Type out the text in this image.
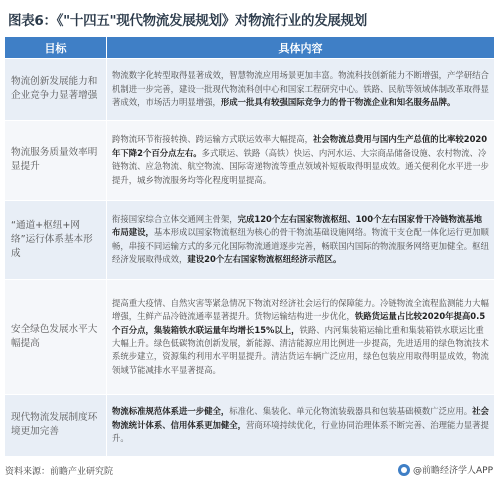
图表6：《"十四五"现代物流发展规划》对物流行业的发展规划
目标	具体内容
物流创新发展能力和企业竞争力显著增强	物流数字化转型取得显著成效，智慧物流应用场景更加丰富。物流科技创新能力不断增强，产学研结合机制进一步完善，建设一批现代物流科创中心和国家工程研究中心。铁路、民航等领域体制改革取得显著成效，市场活力明显增强，形成一批具有较强国际竞争力的骨干物流企业和知名服务品牌。
物流服务质量效率明显提升	跨物流环节衔接转换、跨运输方式联运效率大幅提高，社会物流总费用与国内生产总值的比率较2020年下降2个百分点左右。多式联运、铁路（高铁）快运、内河水运、大宗商品储备设施、农村物流、冷链物流、应急物流、航空物流、国际寄递物流等重点领域补短板取得明显成效。通关便利化水平进一步提升，城乡物流服务均等化程度明显提高。
“通道+枢纽+网络”运行体系基本形成	衔接国家综合立体交通网主骨架，完成120个左右国家物流枢纽、100个左右国家骨干冷链物流基地布局建设，基本形成以国家物流枢纽为核心的骨干物流基础设施网络。物流干支仓配一体化运行更加顺畅，串接不同运输方式的多元化国际物流通道逐步完善，畅联国内国际的物流服务网络更加健全。枢纽经济发展取得成效，建设20个左右国家物流枢纽经济示范区。
安全绿色发展水平大幅提高	提高重大疫情、自然灾害等紧急情况下物流对经济社会运行的保障能力。冷链物流全流程监测能力大幅增强，生鲜产品冷链流通率显著提升。货物运输结构进一步优化，铁路货运量占比较2020年提高0.5个百分点，集装箱铁水联运量年均增长15%以上，铁路、内河集装箱运输比重和集装箱铁水联运比重大幅上升。绿色低碳物流创新发展，新能源、清洁能源应用比例进一步提高，先进适用的绿色物流技术系统步建立，资源集约利用水平明显提升。清洁货运车辆广泛应用，绿色包装应用取得明显成效，物流领域节能减排水平显著提高。
现代物流发展制度环境更加完善	物流标准规范体系进一步健全，标准化、集装化、单元化物流装载器具和包装基础模数广泛应用。社会物流统计体系、信用体系更加健全，营商环境持续优化，行业协同治理体系不断完善、治理能力显著提升。
资料来源：前瞻产业研究院	@前瞻经济学人APP
